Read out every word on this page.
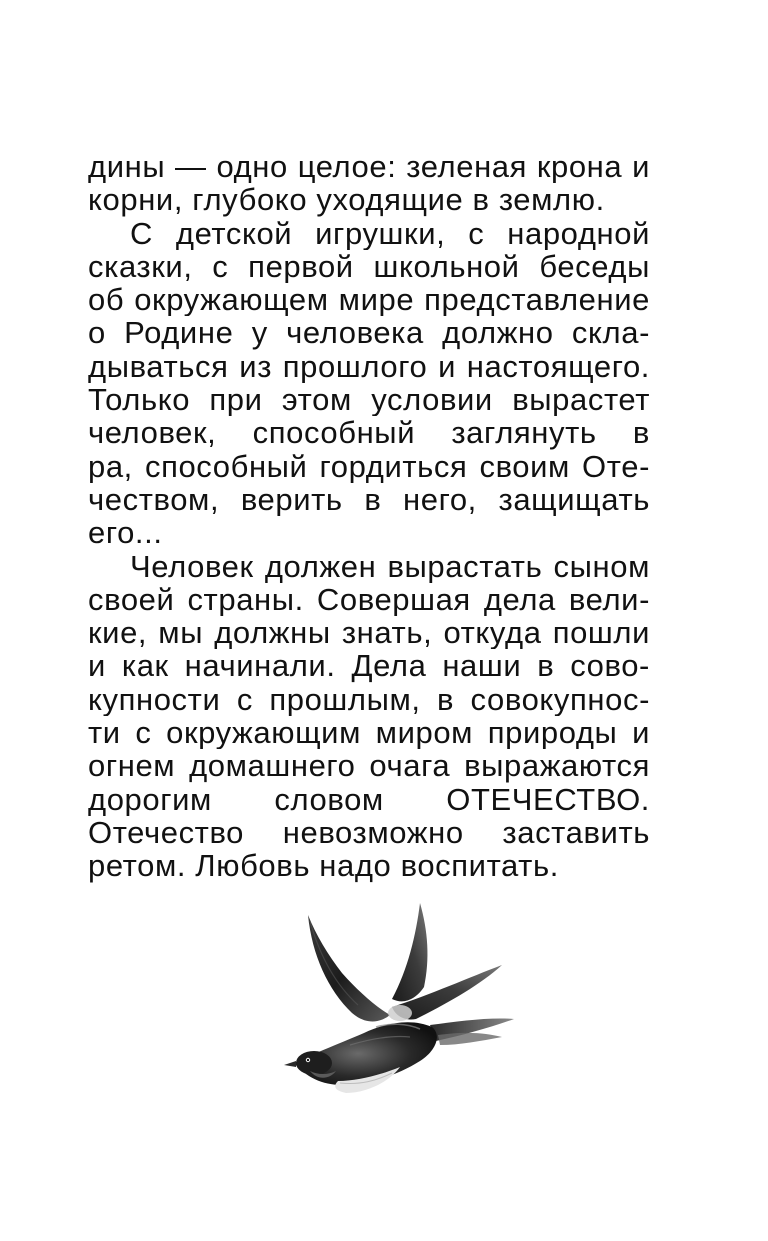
дины — одно целое: зеленая крона и
корни, глубоко уходящие в землю.
С детской игрушки, с народной
сказки, с первой школьной беседы
об окружающем мире представление
о Родине у человека должно скла-
дываться из прошлого и настоящего.
Только при этом условии вырастет
человек, способный заглянуть в
ра, способный гордиться своим Оте-
чеством, верить в него, защищать
его...
Человек должен вырастать сыном
своей страны. Совершая дела вели-
кие, мы должны знать, откуда пошли
и как начинали. Дела наши в сово-
купности с прошлым, в совокупнос-
ти с окружающим миром природы и
огнем домашнего очага выражаются
дорогим словом ОТЕЧЕСТВО.
Отечество невозможно заставить
ретом. Любовь надо воспитать.
